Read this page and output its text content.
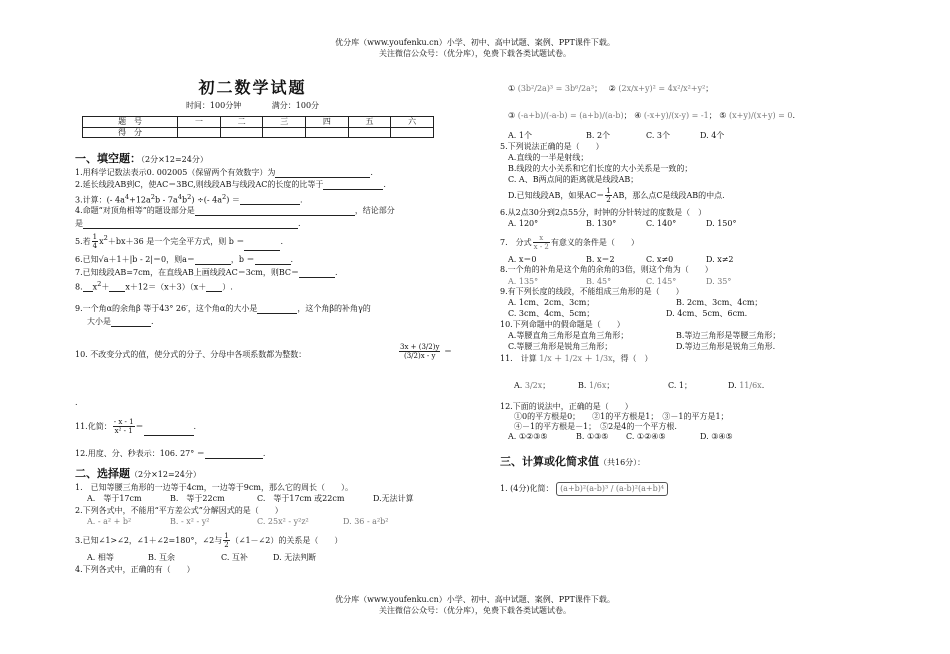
优分库（www.youfenku.cn）小学、初中、高中试题、案例、PPT课件下载。
关注微信公众号：（优分库），免费下载各类试题试卷。
初二数学试题
时间：100分钟	满分：100分
题　号	一	二	三	四	五	六
得　分						
一、填空题：（2分×12=24分）
1.用科学记数法表示0. 002005（保留两个有效数字）为	.
2.延长线段AB到C，使AC＝3BC,则线段AB与线段AC的长度的比等于	.
3.计算：(- $4a^4+12a^2b - 7a^4b^2$) ÷(- $4a^2$) ＝	.
4.命题“对顶角相等”的题设部分是	，结论部分
是	.
5.若 $\frac{1}{4} x^2+bx+36$ 是一个完全平方式，则 b ＝	.
6.已知√a＋1＋|b - 2|＝0，则a＝	，b ＝	.
7.已知线段AB=7cm，在直线AB上画线段AC＝3cm，则BC＝	.
8. $x^2+ x+12=(x+3)(x+$ ）.
9.一个角α的余角β 等于43° 26′，这个角α的大小是	，这个角β的补角γ的
大小是	.
10. 不改变分式的值，使分式的分子、分母中各项系数都为整数：	$\frac{3x + (3/2)y}{(3/2)x - y}$ ＝
.
11.化简： $\frac{- x - 1}{\text{x² - 1}}$ ＝	.
12.用度、分、秒表示：106. 27° ＝	.
二、选择题（2分×12=24分）
1.　已知等腰三角形的一边等于4cm，一边等于9cm，那么它的周长（　　）。
A.　等于17cm	B.　等于22cm	C.　等于17cm 或22cm	D.无法计算
2.下列各式中，不能用“平方差公式”分解因式的是（　　）
A. - a² + b²	B. - x² - y²	C. 25x² - y²z²	D. 36 - a²b²
3.已知∠1>∠2，∠1＋∠2=180°，∠2与 $\frac{1}{2}$ （∠1－∠2）的关系是（　　）
A. 相等	B. 互余	C. 互补	D. 无法判断
4.下列各式中，正确的有（　　）
① (3b²/2a)³ = 3b⁶/2a³；　 ② (2x/x+y)² = 4x²/x²+y²；
③ (-a+b)/(-a-b) = (a+b)/(a-b)； ④ (-x+y)/(x-y) = -1； ⑤ (x+y)/(x+y) = 0.
A. 1个	B. 2个	C. 3个	D. 4个
5.下列说法正确的是（　　）
A.直线的一半是射线；
B.线段的大小关系和它们长度的大小关系是一致的；
C. A、B两点间的距离就是线段AB；
D.已知线段AB，如果$AC= \frac{1}{2}$ AB，那么点C是线段AB的中点.
6.从2点30分到2点55分，时钟的分针转过的度数是（　）
A. 120°	B. 130°	C. 140°	D. 150°
7.　分式 $\frac{x}{x - 2}$ 有意义的条件是（　　）
A. x＝0	B. x＝2	C. x≠0	D. x≠2
8.一个角的补角是这个角的余角的3倍，则这个角为（　　）
A. 135°	B. 45°	C. 145°	D. 35°
9.有下列长度的线段，不能组成三角形的是（　　）
A. 1cm、2cm、3cm；	B. 2cm、3cm、4cm；
C. 3cm、4cm、5cm；	D. 4cm、5cm、6cm.
10.下列命题中的假命题是（　　）
A.等腰直角三角形是直角三角形；	B.等边三角形是等腰三角形；
C.等腰三角形是锐角三角形；	D.等边三角形是锐角三角形.
11.　计算 1/x ＋ 1/2x ＋ 1/3x，得（　）
A. 3/2x；	B. 1/6x；	C. 1；	D. 11/6x.
12.下面的说法中，正确的是（　　）
①0的平方根是0；　　②1的平方根是1；　③－1的平方是1；
④－1的平方根是－1；　⑤2是4的一个平方根.
A. ①②③⑤	B. ①③⑤ C. ①②④⑤	D. ③④⑤
三、计算或化简求值（共16分）：
1. (4分)化简： (a+b)²(a-b)³ / (a-b)²(a+b)⁴
优分库（www.youfenku.cn）小学、初中、高中试题、案例、PPT课件下载。
关注微信公众号：（优分库），免费下载各类试题试卷。
